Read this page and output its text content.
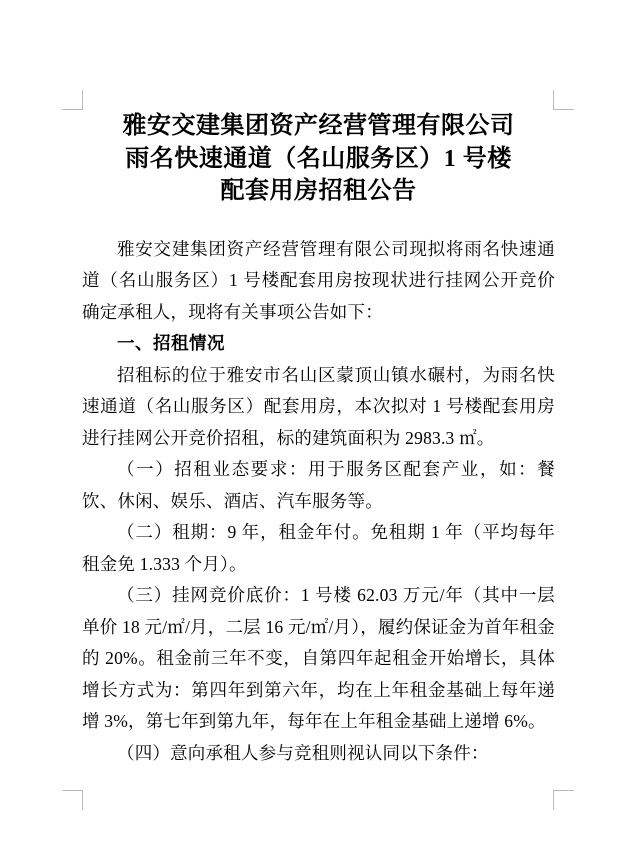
雅安交建集团资产经营管理有限公司
雨名快速通道（名山服务区）1 号楼
配套用房招租公告

雅安交建集团资产经营管理有限公司现拟将雨名快速通道（名山服务区）1 号楼配套用房按现状进行挂网公开竞价确定承租人，现将有关事项公告如下：

一、招租情况

招租标的位于雅安市名山区蒙顶山镇水碾村，为雨名快速通道（名山服务区）配套用房，本次拟对 1 号楼配套用房进行挂网公开竞价招租，标的建筑面积为 2983.3 ㎡。

（一）招租业态要求：用于服务区配套产业，如：餐饮、休闲、娱乐、酒店、汽车服务等。

（二）租期：9 年，租金年付。免租期 1 年（平均每年租金免 1.333 个月）。

（三）挂网竞价底价：1 号楼 62.03 万元/年（其中一层单价 18 元/㎡/月，二层 16 元/㎡/月），履约保证金为首年租金的 20%。租金前三年不变，自第四年起租金开始增长，具体增长方式为：第四年到第六年，均在上年租金基础上每年递增 3%，第七年到第九年，每年在上年租金基础上递增 6%。

（四）意向承租人参与竞租则视认同以下条件：
